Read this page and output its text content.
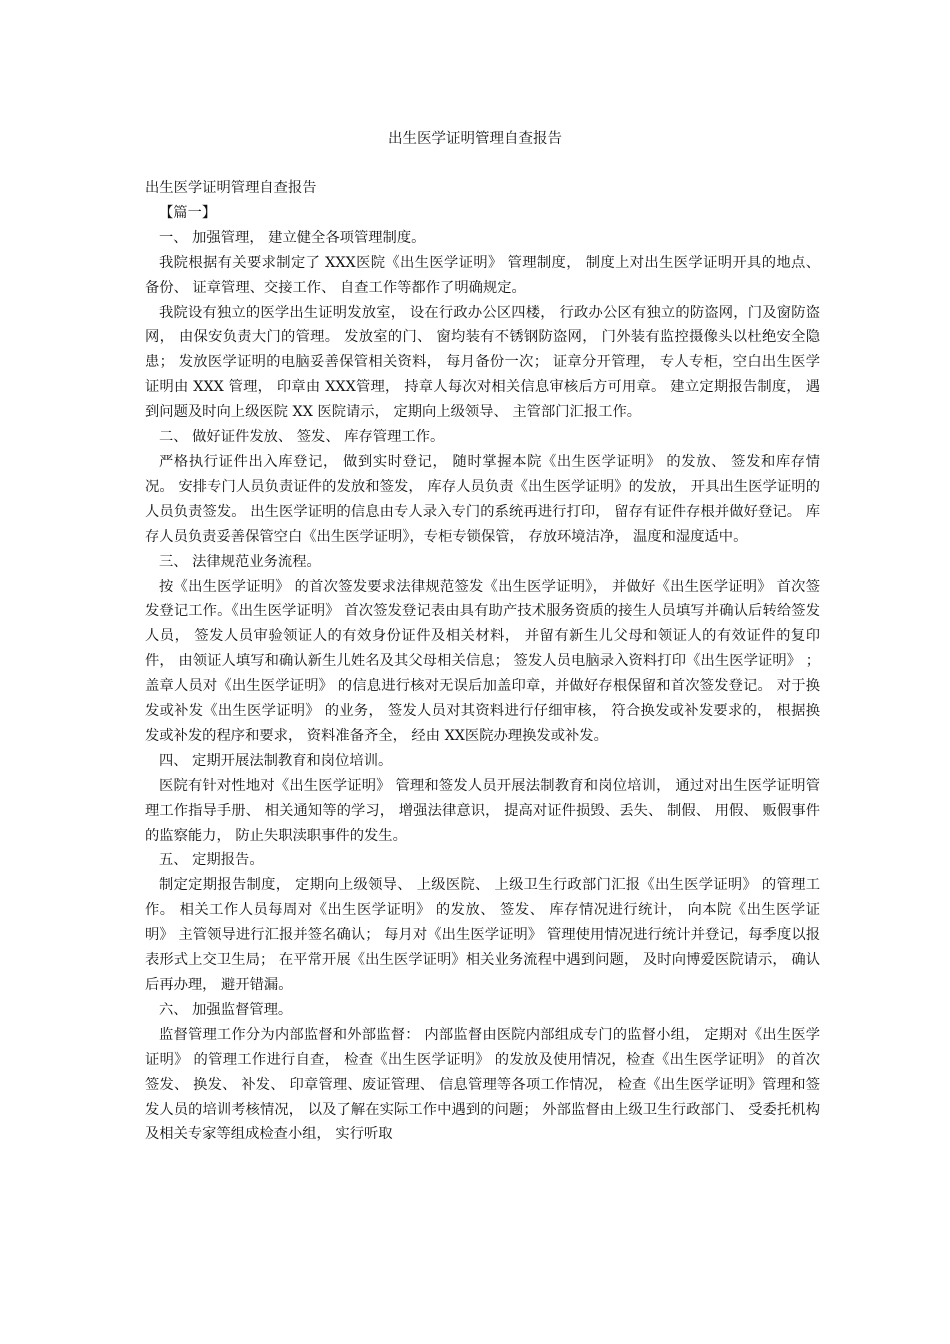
出生医学证明管理自查报告

出生医学证明管理自查报告

【篇一】

一、 加强管理， 建立健全各项管理制度。

我院根据有关要求制定了 XXX医院《出生医学证明》 管理制度， 制度上对出生医学证明开具的地点、 备份、 证章管理、交接工作、 自查工作等都作了明确规定。

我院设有独立的医学出生证明发放室， 设在行政办公区四楼， 行政办公区有独立的防盗网，门及窗防盗网， 由保安负责大门的管理。 发放室的门、 窗均装有不锈钢防盗网， 门外装有监控摄像头以杜绝安全隐患； 发放医学证明的电脑妥善保管相关资料， 每月备份一次； 证章分开管理， 专人专柜，空白出生医学证明由 XXX 管理， 印章由 XXX管理， 持章人每次对相关信息审核后方可用章。 建立定期报告制度， 遇到问题及时向上级医院 XX 医院请示， 定期向上级领导、 主管部门汇报工作。

二、 做好证件发放、 签发、 库存管理工作。

严格执行证件出入库登记， 做到实时登记， 随时掌握本院《出生医学证明》 的发放、 签发和库存情况。 安排专门人员负责证件的发放和签发， 库存人员负责《出生医学证明》的发放， 开具出生医学证明的人员负责签发。 出生医学证明的信息由专人录入专门的系统再进行打印， 留存有证件存根并做好登记。 库存人员负责妥善保管空白《出生医学证明》，专柜专锁保管， 存放环境洁净， 温度和湿度适中。

三、 法律规范业务流程。

按《出生医学证明》 的首次签发要求法律规范签发《出生医学证明》， 并做好《出生医学证明》 首次签发登记工作。《出生医学证明》 首次签发登记表由具有助产技术服务资质的接生人员填写并确认后转给签发人员， 签发人员审验领证人的有效身份证件及相关材料， 并留有新生儿父母和领证人的有效证件的复印件， 由领证人填写和确认新生儿姓名及其父母相关信息； 签发人员电脑录入资料打印《出生医学证明》 ； 盖章人员对《出生医学证明》 的信息进行核对无误后加盖印章，并做好存根保留和首次签发登记。 对于换发或补发《出生医学证明》 的业务， 签发人员对其资料进行仔细审核， 符合换发或补发要求的， 根据换发或补发的程序和要求， 资料准备齐全， 经由 XX医院办理换发或补发。

四、 定期开展法制教育和岗位培训。

医院有针对性地对《出生医学证明》 管理和签发人员开展法制教育和岗位培训， 通过对出生医学证明管理工作指导手册、 相关通知等的学习， 增强法律意识， 提高对证件损毁、丢失、 制假、 用假、 贩假事件的监察能力， 防止失职渎职事件的发生。

五、 定期报告。

制定定期报告制度， 定期向上级领导、 上级医院、 上级卫生行政部门汇报《出生医学证明》 的管理工作。 相关工作人员每周对《出生医学证明》 的发放、 签发、 库存情况进行统计， 向本院《出生医学证明》 主管领导进行汇报并签名确认； 每月对《出生医学证明》 管理使用情况进行统计并登记，每季度以报表形式上交卫生局； 在平常开展《出生医学证明》相关业务流程中遇到问题， 及时向博爱医院请示， 确认后再办理， 避开错漏。

六、 加强监督管理。

监督管理工作分为内部监督和外部监督： 内部监督由医院内部组成专门的监督小组， 定期对《出生医学证明》 的管理工作进行自查， 检查《出生医学证明》 的发放及使用情况，检查《出生医学证明》 的首次签发、 换发、 补发、 印章管理、废证管理、 信息管理等各项工作情况， 检查《出生医学证明》管理和签发人员的培训考核情况， 以及了解在实际工作中遇到的问题； 外部监督由上级卫生行政部门、 受委托机构及相关专家等组成检查小组， 实行听取
